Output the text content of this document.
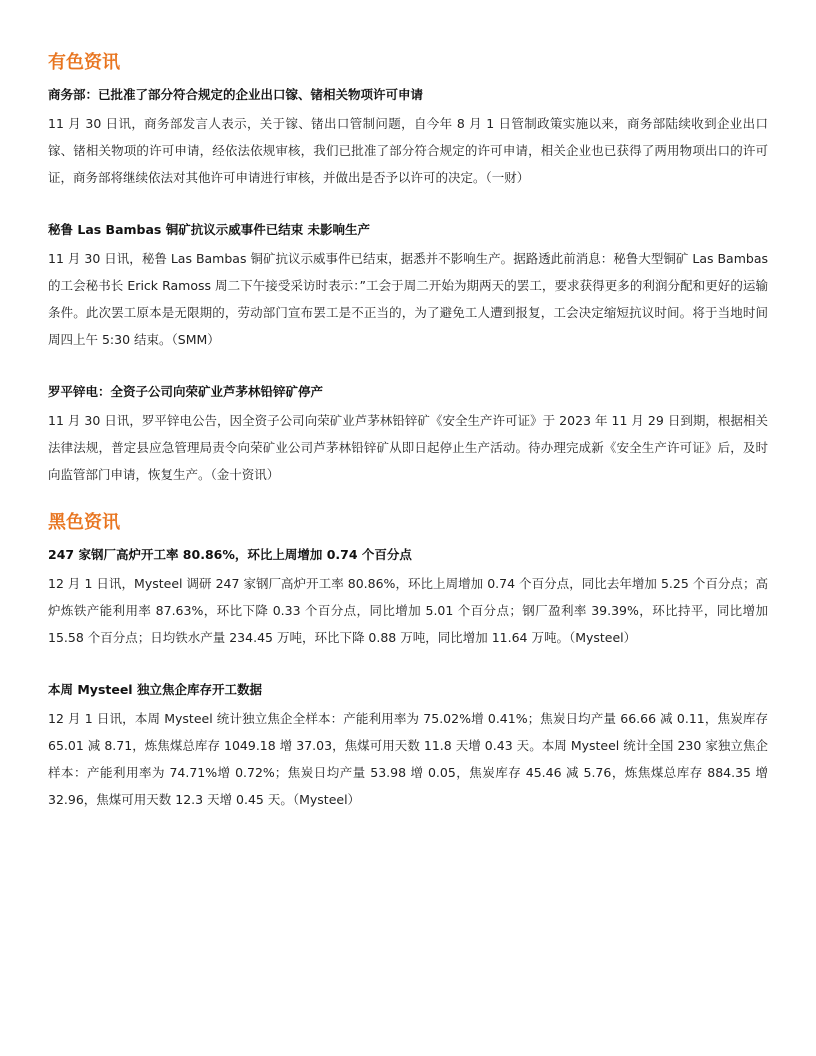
有色资讯
商务部：已批准了部分符合规定的企业出口镓、锗相关物项许可申请

11 月 30 日讯，商务部发言人表示，关于镓、锗出口管制问题，自今年 8 月 1 日管制政策实施以来，商务部陆续收到企业出口镓、锗相关物项的许可申请，经依法依规审核，我们已批准了部分符合规定的许可申请，相关企业也已获得了两用物项出口的许可证，商务部将继续依法对其他许可申请进行审核，并做出是否予以许可的决定。（一财）

秘鲁 Las Bambas 铜矿抗议示威事件已结束 未影响生产

11 月 30 日讯，秘鲁 Las Bambas 铜矿抗议示威事件已结束，据悉并不影响生产。据路透此前消息：秘鲁大型铜矿 Las Bambas 的工会秘书长 Erick Ramoss 周二下午接受采访时表示：”工会于周二开始为期两天的罢工，要求获得更多的利润分配和更好的运输条件。此次罢工原本是无限期的，劳动部门宣布罢工是不正当的，为了避免工人遭到报复，工会决定缩短抗议时间。将于当地时间周四上午 5:30 结束。（SMM）

罗平锌电：全资子公司向荣矿业芦茅林铅锌矿停产

11 月 30 日讯，罗平锌电公告，因全资子公司向荣矿业芦茅林铅锌矿《安全生产许可证》于 2023 年 11 月 29 日到期，根据相关法律法规，普定县应急管理局责令向荣矿业公司芦茅林铅锌矿从即日起停止生产活动。待办理完成新《安全生产许可证》后，及时向监管部门申请，恢复生产。（金十资讯）

黑色资讯
247 家钢厂高炉开工率 80.86%，环比上周增加 0.74 个百分点

12 月 1 日讯，Mysteel 调研 247 家钢厂高炉开工率 80.86%，环比上周增加 0.74 个百分点，同比去年增加 5.25 个百分点；高炉炼铁产能利用率 87.63%，环比下降 0.33 个百分点，同比增加 5.01 个百分点；钢厂盈利率 39.39%，环比持平，同比增加 15.58 个百分点；日均铁水产量 234.45 万吨，环比下降 0.88 万吨，同比增加 11.64 万吨。（Mysteel）

本周 Mysteel 独立焦企库存开工数据

12 月 1 日讯，本周 Mysteel 统计独立焦企全样本：产能利用率为 75.02%增 0.41%；焦炭日均产量 66.66 减 0.11，焦炭库存 65.01 减 8.71，炼焦煤总库存 1049.18 增 37.03，焦煤可用天数 11.8 天增 0.43 天。本周 Mysteel 统计全国 230 家独立焦企样本：产能利用率为 74.71%增 0.72%；焦炭日均产量 53.98 增 0.05，焦炭库存 45.46 减 5.76，炼焦煤总库存 884.35 增 32.96，焦煤可用天数 12.3 天增 0.45 天。（Mysteel）
